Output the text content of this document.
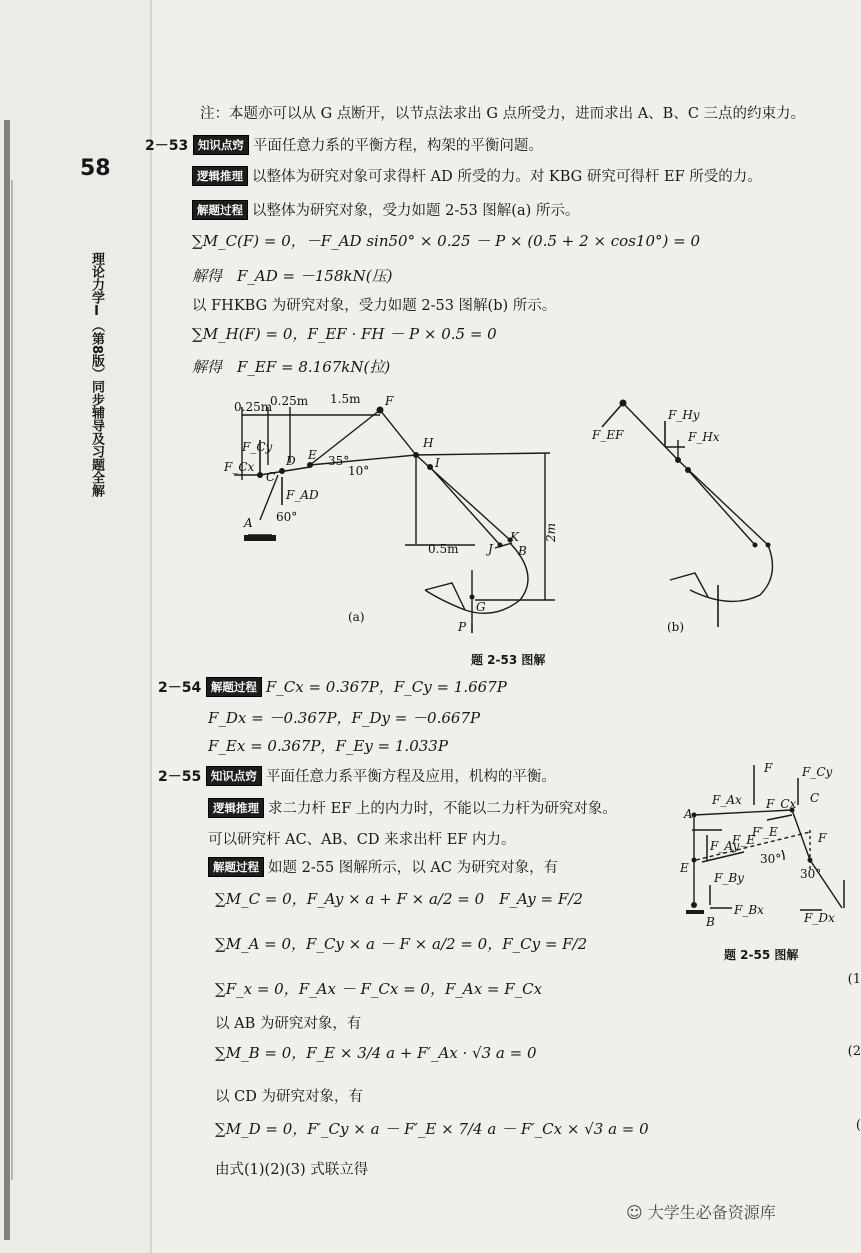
58
理论力学Ⅰ（第8版）同步辅导及习题全解
注：本题亦可以从 G 点断开，以节点法求出 G 点所受力，进而求出 A、B、C 三点的约束力。
2－53 知识点窍 平面任意力系的平衡方程，构架的平衡问题。
逻辑推理 以整体为研究对象可求得杆 AD 所受的力。对 KBG 研究可得杆 EF 所受的力。
解题过程 以整体为研究对象，受力如题 2-53 图解(a) 所示。
∑M_C(F) = 0，－F_AD sin50° × 0.25 － P × (0.5 + 2 × cos10°) = 0
解得　F_AD = －158kN(压)
以 FHKBG 为研究对象，受力如题 2-53 图解(b) 所示。
∑M_H(F) = 0，F_EF · FH － P × 0.5 = 0
解得　F_EF = 8.167kN(拉)
0.25m
0.25m 1.5m
2m
0.5m
35°
10°
60°
A
C
D E
F
H
I
J
K
B
G
F_Cy
F_Cx
F_AD
P
F_EF
F_Hy
F_Hx
(a)
(b)
题 2-53 图解
2－54 解题过程 F_Cx = 0.367P，F_Cy = 1.667P
F_Dx = －0.367P，F_Dy = －0.667P
F_Ex = 0.367P，F_Ey = 1.033P
2－55 知识点窍 平面任意力系平衡方程及应用，机构的平衡。
逻辑推理 求二力杆 EF 上的内力时，不能以二力杆为研究对象。
可以研究杆 AC、AB、CD 来求出杆 EF 内力。
解题过程 如题 2-55 图解所示，以 AC 为研究对象，有
∑M_C = 0，F_Ay × a + F × a/2 = 0　F_Ay = F/2
∑M_A = 0，F_Cy × a － F × a/2 = 0，F_Cy = F/2
∑F_x = 0，F_Ax － F_Cx = 0，F_Ax = F_Cx
以 AB 为研究对象，有
∑M_B = 0，F_E × 3/4 a + F′_Ax · √3 a = 0
以 CD 为研究对象，有
∑M_D = 0，F′_Cy × a － F′_E × 7/4 a － F′_Cx × √3 a = 0
由式(1)(2)(3) 式联立得
(1
(2
(
F F_Cy
F_Ax F_Cx
F_Ay
F_E
F′_E
F_By
F_Bx
F_Dx
A
C
E
F
B
30°
30°
题 2-55 图解
☺ 大学生必备资源库
